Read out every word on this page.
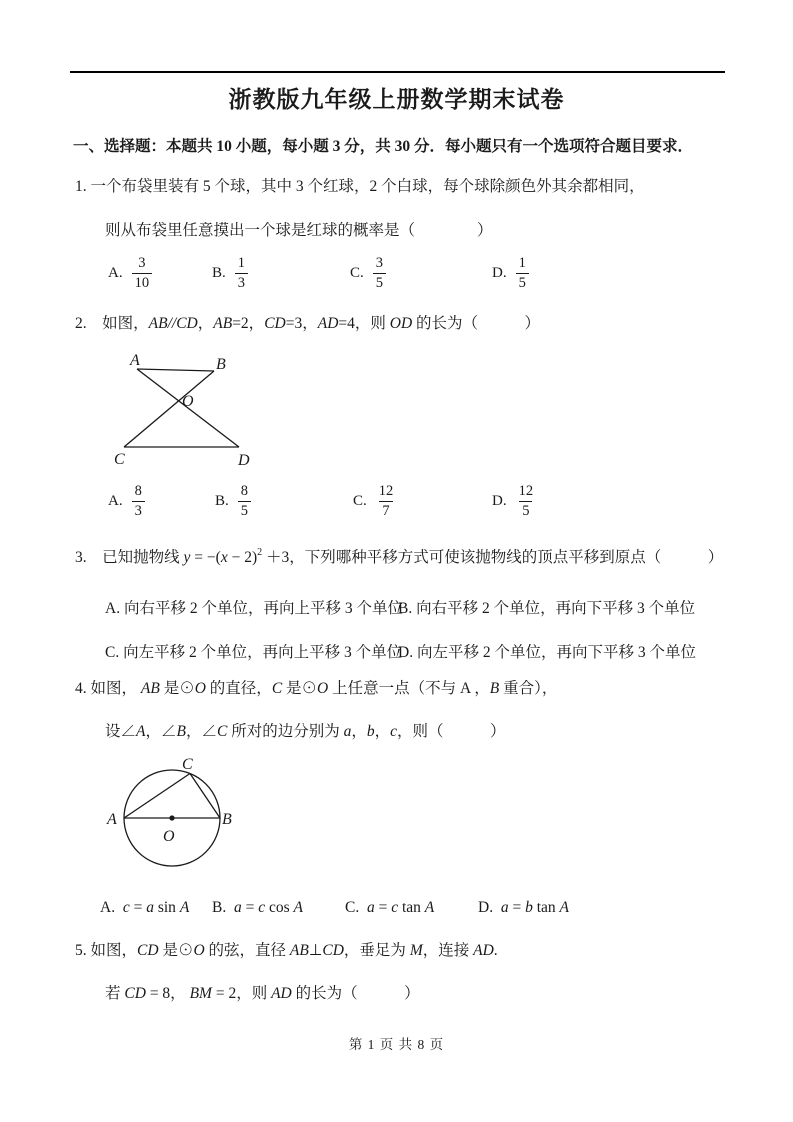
浙教版九年级上册数学期末试卷
一、选择题：本题共 10 小题，每小题 3 分，共 30 分．每小题只有一个选项符合题目要求．
1. 一个布袋里装有 5 个球，其中 3 个红球，2 个白球，每个球除颜色外其余都相同，
则从布袋里任意摸出一个球是红球的概率是（　　　　）
A. $\frac{3}{10}$	B. $\frac{1}{3}$	C. $\frac{3}{5}$	D. $\frac{1}{5}$
2.　如图，AB//CD，AB=2，CD=3，AD=4，则 OD 的长为（　　　）
A	B
C	D
O
A. $\frac{8}{3}$	B. $\frac{8}{5}$	C. $\frac{12}{7}$	D. $\frac{12}{5}$
3.　已知抛物线 $y = -(x - 2)^2 +3$，下列哪种平移方式可使该抛物线的顶点平移到原点（　　　）
A. 向右平移 2 个单位，再向上平移 3 个单位
B. 向右平移 2 个单位，再向下平移 3 个单位
C. 向左平移 2 个单位，再向上平移 3 个单位
D. 向左平移 2 个单位，再向下平移 3 个单位
4. 如图， AB 是⊙O 的直径，C 是⊙O 上任意一点（不与 A ，B 重合），
设∠A，∠B，∠C 所对的边分别为 a，b，c，则（　　　）
A	B
C
O
A. c = a sin A B. a = c cos A	C. a = c tan A	D. a = b tan A
5. 如图，CD 是⊙O 的弦，直径 AB⊥CD，垂足为 M，连接 AD.
若 CD = 8， BM = 2，则 AD 的长为（　　　）
第 1 页 共 8 页
